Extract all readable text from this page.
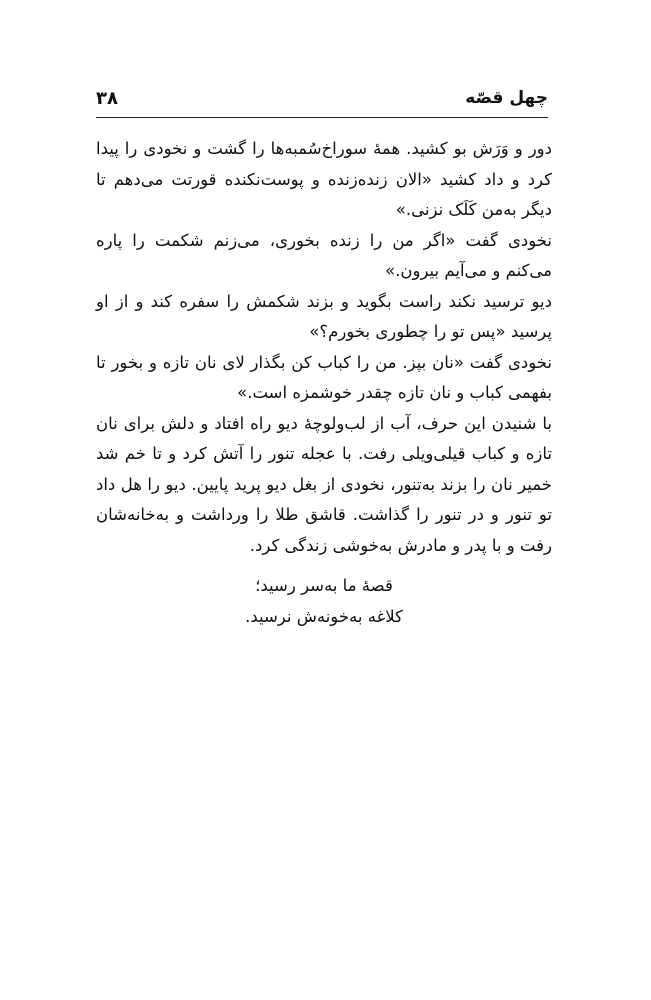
۳۸	چهل قصّه

دور و وَرَش بو کشید. همهٔ سوراخ‌سُمبه‌ها را گشت و نخودی را پیدا کرد و داد کشید «الان زنده‌زنده و پوست‌نکنده قورتت می‌دهم تا دیگر به‌من کَلَک نزنی.»

نخودی گفت «اگر من را زنده بخوری، می‌زنم شکمت را پاره می‌کنم و می‌آیم بیرون.»

دیو ترسید نکند راست بگوید و بزند شکمش را سفره کند و از او پرسید «پس تو را چطوری بخورم؟»

نخودی گفت «نان بپز. من را کباب کن بگذار لای نان تازه و بخور تا بفهمی کباب و نان تازه چقدر خوشمزه است.»

با شنیدن این حرف، آب از لب‌ولوچهٔ دیو راه افتاد و دلش برای نان تازه و کباب قیلی‌ویلی رفت. با عجله تنور را آتش کرد و تا خم شد خمیر نان را بزند به‌تنور، نخودی از بغل دیو پرید پایین. دیو را هل داد تو تنور و در تنور را گذاشت. قاشق طلا را ورداشت و به‌خانه‌شان رفت و با پدر و مادرش به‌خوشی زندگی کرد.

قصهٔ ما به‌سر رسید؛
کلاغه به‌خونه‌ش نرسید.
